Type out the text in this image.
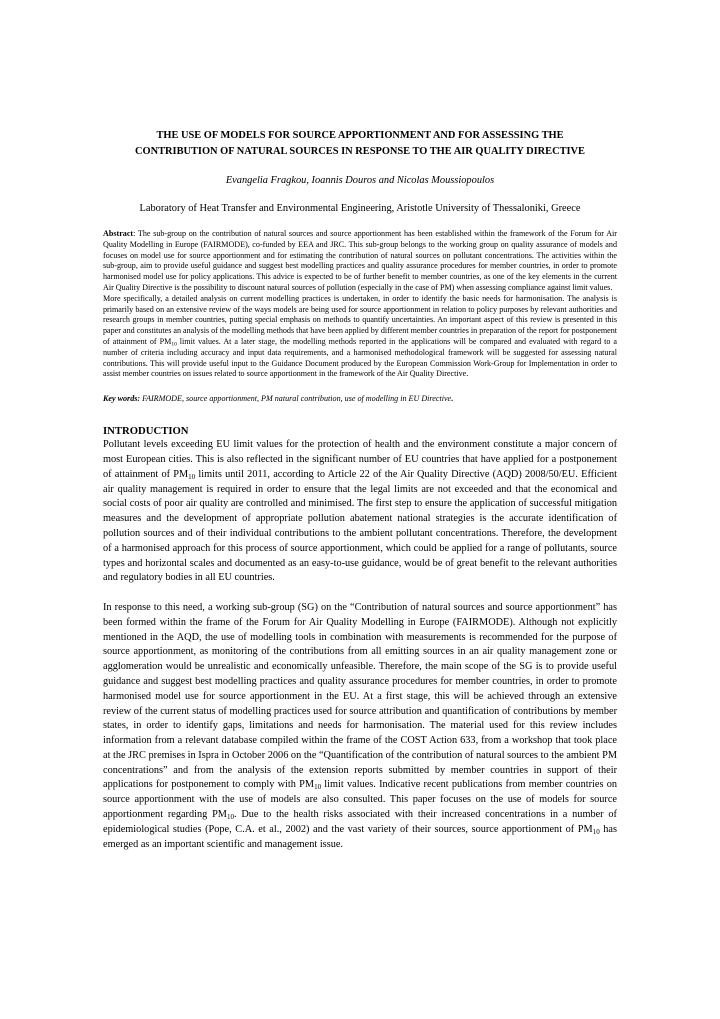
THE USE OF MODELS FOR SOURCE APPORTIONMENT AND FOR ASSESSING THE
CONTRIBUTION OF NATURAL SOURCES IN RESPONSE TO THE AIR QUALITY DIRECTIVE
Evangelia Fragkou, Ioannis Douros and Nicolas Moussiopoulos
Laboratory of Heat Transfer and Environmental Engineering, Aristotle University of Thessaloniki, Greece

Abstract: The sub-group on the contribution of natural sources and source apportionment has been established within the framework of the Forum for Air Quality Modelling in Europe (FAIRMODE), co-funded by EEA and JRC. This sub-group belongs to the working group on quality assurance of models and focuses on model use for source apportionment and for estimating the contribution of natural sources on pollutant concentrations. The activities within the sub-group, aim to provide useful guidance and suggest best modelling practices and quality assurance procedures for member countries, in order to promote harmonised model use for policy applications. This advice is expected to be of further benefit to member countries, as one of the key elements in the current Air Quality Directive is the possibility to discount natural sources of pollution (especially in the case of PM) when assessing compliance against limit values.

More specifically, a detailed analysis on current modelling practices is undertaken, in order to identify the basic needs for harmonisation. The analysis is primarily based on an extensive review of the ways models are being used for source apportionment in relation to policy purposes by relevant authorities and research groups in member countries, putting special emphasis on methods to quantify uncertainties. An important aspect of this review is presented in this paper and constitutes an analysis of the modelling methods that have been applied by different member countries in preparation of the report for postponement of attainment of $PM_{10}$ limit values. At a later stage, the modelling methods reported in the applications will be compared and evaluated with regard to a number of criteria including accuracy and input data requirements, and a harmonised methodological framework will be suggested for assessing natural contributions. This will provide useful input to the Guidance Document produced by the European Commission Work-Group for Implementation in order to assist member countries on issues related to source apportionment in the framework of the Air Quality Directive.

Key words: FAIRMODE, source apportionment, PM natural contribution, use of modelling in EU Directive.
INTRODUCTION

Pollutant levels exceeding EU limit values for the protection of health and the environment constitute a major concern of most European cities. This is also reflected in the significant number of EU countries that have applied for a postponement of attainment of $PM_{10}$ limits until 2011, according to Article 22 of the Air Quality Directive (AQD) 2008/50/EU. Efficient air quality management is required in order to ensure that the legal limits are not exceeded and that the economical and social costs of poor air quality are controlled and minimised. The first step to ensure the application of successful mitigation measures and the development of appropriate pollution abatement national strategies is the accurate identification of pollution sources and of their individual contributions to the ambient pollutant concentrations. Therefore, the development of a harmonised approach for this process of source apportionment, which could be applied for a range of pollutants, source types and horizontal scales and documented as an easy-to-use guidance, would be of great benefit to the relevant authorities and regulatory bodies in all EU countries.

In response to this need, a working sub-group (SG) on the “Contribution of natural sources and source apportionment” has been formed within the frame of the Forum for Air Quality Modelling in Europe (FAIRMODE). Although not explicitly mentioned in the AQD, the use of modelling tools in combination with measurements is recommended for the purpose of source apportionment, as monitoring of the contributions from all emitting sources in an air quality management zone or agglomeration would be unrealistic and economically unfeasible. Therefore, the main scope of the SG is to provide useful guidance and suggest best modelling practices and quality assurance procedures for member countries, in order to promote harmonised model use for source apportionment in the EU. At a first stage, this will be achieved through an extensive review of the current status of modelling practices used for source attribution and quantification of contributions by member states, in order to identify gaps, limitations and needs for harmonisation. The material used for this review includes information from a relevant database compiled within the frame of the COST Action 633, from a workshop that took place at the JRC premises in Ispra in October 2006 on the “Quantification of the contribution of natural sources to the ambient PM concentrations” and from the analysis of the extension reports submitted by member countries in support of their applications for postponement to comply with $PM_{10}$ limit values. Indicative recent publications from member countries on source apportionment with the use of models are also consulted. This paper focuses on the use of models for source apportionment regarding $PM_{10}$. Due to the health risks associated with their increased concentrations in a number of epidemiological studies (Pope, C.A. et al., 2002) and the vast variety of their sources, source apportionment of $PM_{10}$ has emerged as an important scientific and management issue.
